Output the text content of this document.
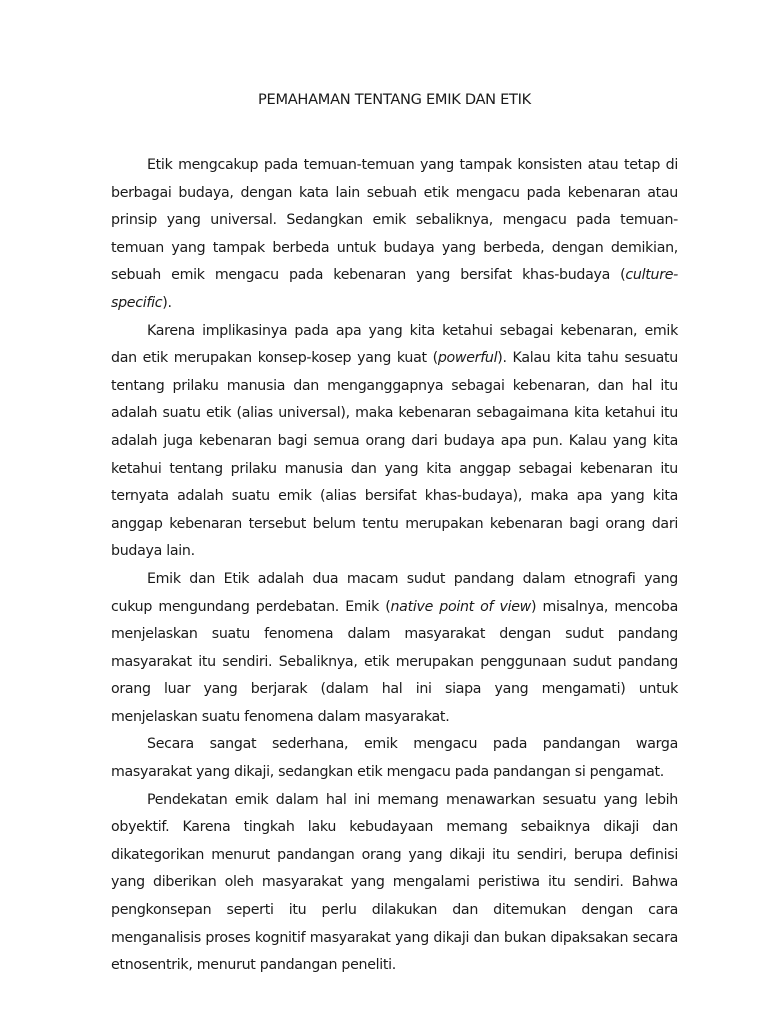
PEMAHAMAN TENTANG EMIK DAN ETIK

Etik mengcakup pada temuan-temuan yang tampak konsisten atau tetap di berbagai budaya, dengan kata lain sebuah etik mengacu pada kebenaran atau prinsip yang universal. Sedangkan emik sebaliknya, mengacu pada temuan-temuan yang tampak berbeda untuk budaya yang berbeda, dengan demikian, sebuah emik mengacu pada kebenaran yang bersifat khas-budaya (culture-specific).

Karena implikasinya pada apa yang kita ketahui sebagai kebenaran, emik dan etik merupakan konsep-kosep yang kuat (powerful). Kalau kita tahu sesuatu tentang prilaku manusia dan menganggapnya sebagai kebenaran, dan hal itu adalah suatu etik (alias universal), maka kebenaran sebagaimana kita ketahui itu adalah juga kebenaran bagi semua orang dari budaya apa pun. Kalau yang kita ketahui tentang prilaku manusia dan yang kita anggap sebagai kebenaran itu ternyata adalah suatu emik (alias bersifat khas-budaya), maka apa yang kita anggap kebenaran tersebut belum tentu merupakan kebenaran bagi orang dari budaya lain.

Emik dan Etik adalah dua macam sudut pandang dalam etnografi yang cukup mengundang perdebatan. Emik (native point of view) misalnya, mencoba menjelaskan suatu fenomena dalam masyarakat dengan sudut pandang masyarakat itu sendiri. Sebaliknya, etik merupakan penggunaan sudut pandang orang luar yang berjarak (dalam hal ini siapa yang mengamati) untuk menjelaskan suatu fenomena dalam masyarakat.

Secara sangat sederhana, emik mengacu pada pandangan warga masyarakat yang dikaji, sedangkan etik mengacu pada pandangan si pengamat.

Pendekatan emik dalam hal ini memang menawarkan sesuatu yang lebih obyektif. Karena tingkah laku kebudayaan memang sebaiknya dikaji dan dikategorikan menurut pandangan orang yang dikaji itu sendiri, berupa definisi yang diberikan oleh masyarakat yang mengalami peristiwa itu sendiri. Bahwa pengkonsepan seperti itu perlu dilakukan dan ditemukan dengan cara menganalisis proses kognitif masyarakat yang dikaji dan bukan dipaksakan secara etnosentrik, menurut pandangan peneliti.
